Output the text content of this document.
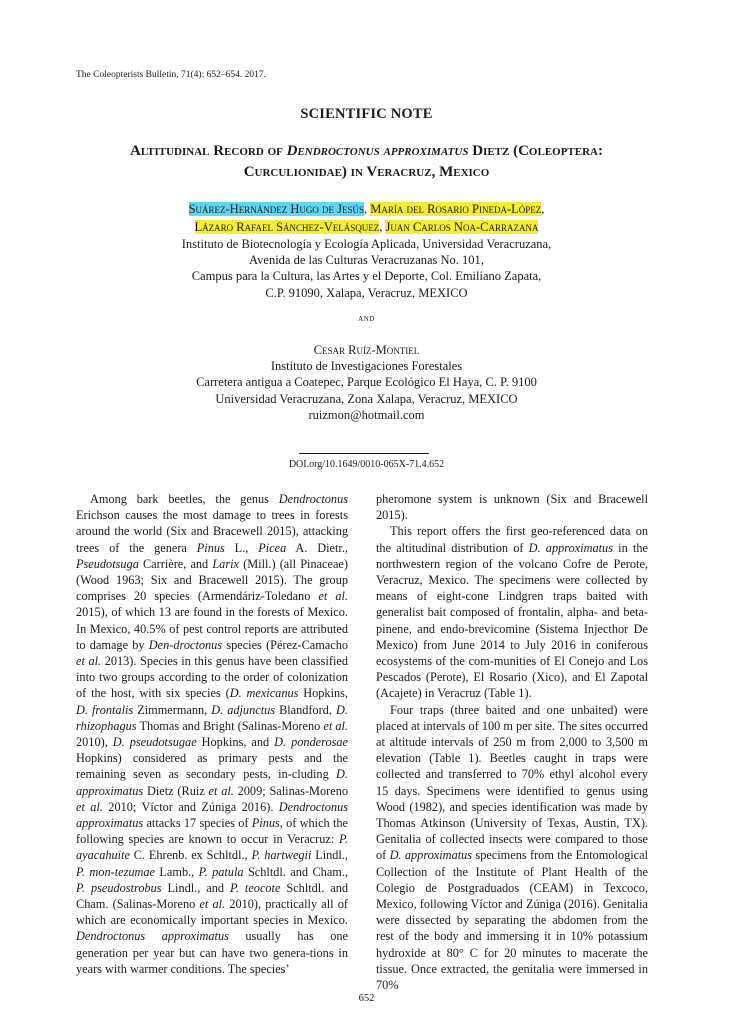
The Coleopterists Bulletin, 71(4): 652–654. 2017.
SCIENTIFIC NOTE
Altitudinal Record of Dendroctonus approximatus Dietz (Coleoptera:
Curculionidae) in Veracruz, Mexico
Suárez-Hernández Hugo de Jesús, María del Rosario Pineda-López,
Lázaro Rafael Sánchez-Velásquez, Juan Carlos Noa-Carrazana
Instituto de Biotecnología y Ecología Aplicada, Universidad Veracruzana,
Avenida de las Culturas Veracruzanas No. 101,
Campus para la Cultura, las Artes y el Deporte, Col. Emiliano Zapata,
C.P. 91090, Xalapa, Veracruz, MEXICO
and
Cesar Ruíz-Montiel
Instituto de Investigaciones Forestales
Carretera antigua a Coatepec, Parque Ecológico El Haya, C. P. 9100
Universidad Veracruzana, Zona Xalapa, Veracruz, MEXICO
ruizmon@hotmail.com
DOI.org/10.1649/0010-065X-71.4.652

Among bark beetles, the genus Dendroctonus Erichson causes the most damage to trees in forests around the world (Six and Bracewell 2015), attacking trees of the genera Pinus L., Picea A. Dietr., Pseudotsuga Carrière, and Larix (Mill.) (all Pinaceae) (Wood 1963; Six and Bracewell 2015). The group comprises 20 species (Armendáriz-Toledano et al. 2015), of which 13 are found in the forests of Mexico. In Mexico, 40.5% of pest control reports are attributed to damage by Den-droctonus species (Pérez-Camacho et al. 2013). Species in this genus have been classified into two groups according to the order of colonization of the host, with six species (D. mexicanus Hopkins, D. frontalis Zimmermann, D. adjunctus Blandford, D. rhizophagus Thomas and Bright (Salinas-Moreno et al. 2010), D. pseudotsugae Hopkins, and D. ponderosae Hopkins) considered as primary pests and the remaining seven as secondary pests, in-cluding D. approximatus Dietz (Ruiz et al. 2009; Salinas-Moreno et al. 2010; Víctor and Zúniga 2016). Dendroctonus approximatus attacks 17 species of Pinus, of which the following species are known to occur in Veracruz: P. ayacahuite C. Ehrenb. ex Schltdl., P. hartwegii Lindl., P. mon-tezumae Lamb., P. patula Schltdl. and Cham., P. pseudostrobus Lindl., and P. teocote Schltdl. and Cham. (Salinas-Moreno et al. 2010), practically all of which are economically important species in Mexico. Dendroctonus approximatus usually has one generation per year but can have two genera-tions in years with warmer conditions. The species’

pheromone system is unknown (Six and Bracewell 2015).

This report offers the first geo-referenced data on the altitudinal distribution of D. approximatus in the northwestern region of the volcano Cofre de Perote, Veracruz, Mexico. The specimens were collected by means of eight-cone Lindgren traps baited with generalist bait composed of frontalin, alpha- and beta-pinene, and endo-brevicomine (Sistema Injecthor De Mexico) from June 2014 to July 2016 in coniferous ecosystems of the com-munities of El Conejo and Los Pescados (Perote), El Rosario (Xico), and El Zapotal (Acajete) in Veracruz (Table 1).

Four traps (three baited and one unbaited) were placed at intervals of 100 m per site. The sites occurred at altitude intervals of 250 m from 2,000 to 3,500 m elevation (Table 1). Beetles caught in traps were collected and transferred to 70% ethyl alcohol every 15 days. Specimens were identified to genus using Wood (1982), and species identification was made by Thomas Atkinson (University of Texas, Austin, TX). Genitalia of collected insects were compared to those of D. approximatus specimens from the Entomological Collection of the Institute of Plant Health of the Colegio de Postgraduados (CEAM) in Texcoco, Mexico, following Víctor and Zúniga (2016). Genitalia were dissected by separating the abdomen from the rest of the body and immersing it in 10% potassium hydroxide at 80° C for 20 minutes to macerate the tissue. Once extracted, the genitalia were immersed in 70%

652
